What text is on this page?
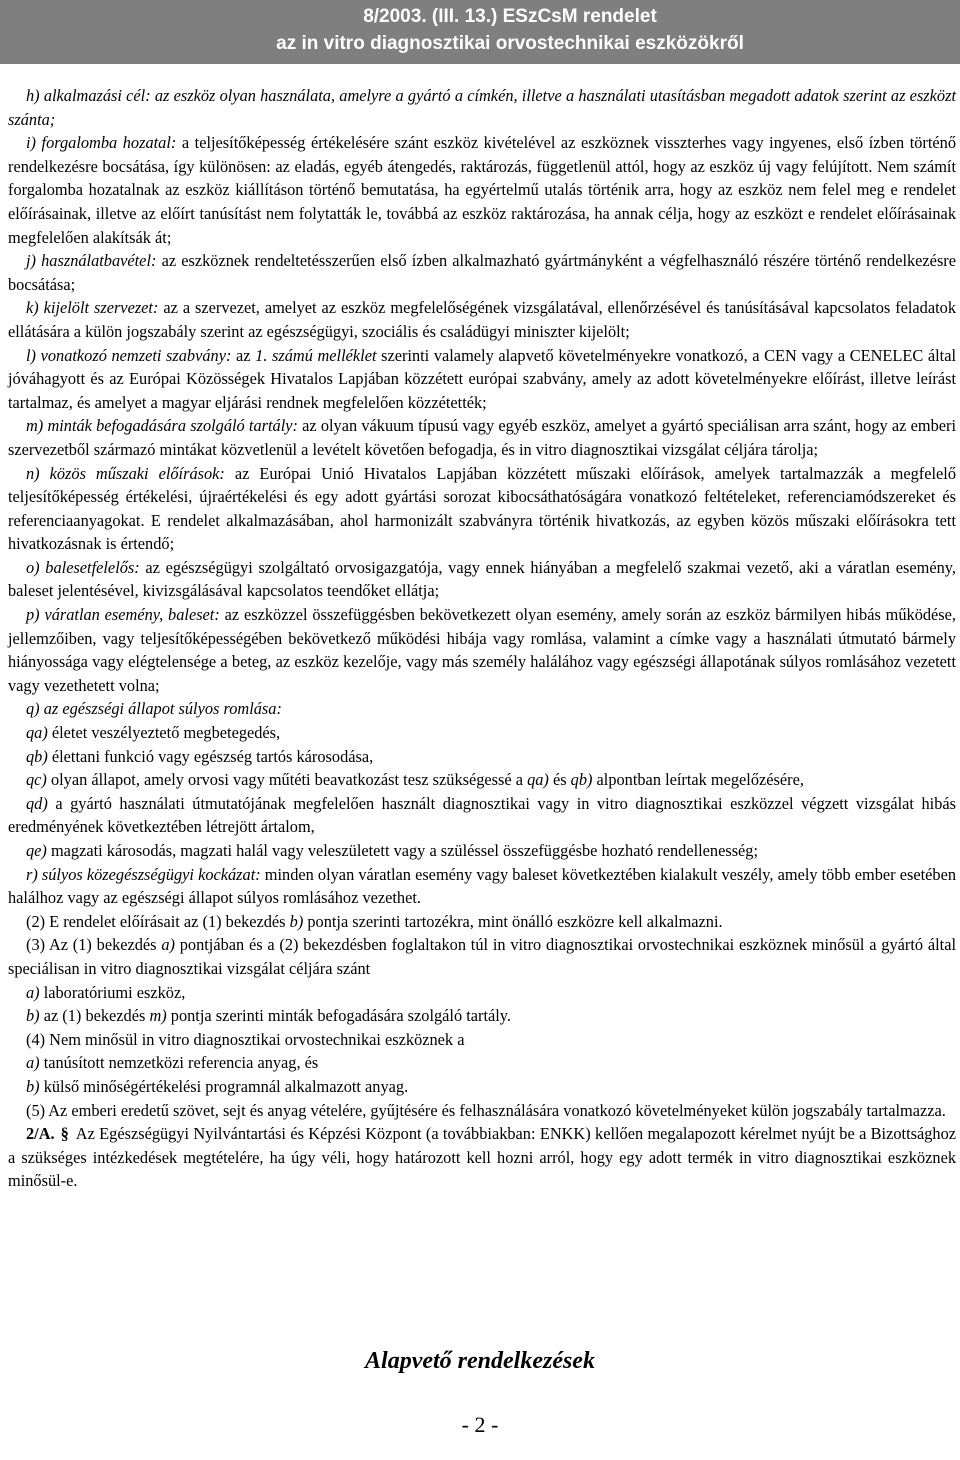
8/2003. (III. 13.) ESzCsM rendelet
az in vitro diagnosztikai orvostechnikai eszközökről
h) alkalmazási cél: az eszköz olyan használata, amelyre a gyártó a címkén, illetve a használati utasításban megadott adatok szerint az eszközt szánta;
i) forgalomba hozatal: a teljesítőképesség értékelésére szánt eszköz kivételével az eszköznek visszterhes vagy ingyenes, első ízben történő rendelkezésre bocsátása, így különösen: az eladás, egyéb átengedés, raktározás, függetlenül attól, hogy az eszköz új vagy felújított. Nem számít forgalomba hozatalnak az eszköz kiállításon történő bemutatása, ha egyértelmű utalás történik arra, hogy az eszköz nem felel meg e rendelet előírásainak, illetve az előírt tanúsítást nem folytatták le, továbbá az eszköz raktározása, ha annak célja, hogy az eszközt e rendelet előírásainak megfelelően alakítsák át;
j) használatbavétel: az eszköznek rendeltetésszerűen első ízben alkalmazható gyártmányként a végfelhasználó részére történő rendelkezésre bocsátása;
k) kijelölt szervezet: az a szervezet, amelyet az eszköz megfelelőségének vizsgálatával, ellenőrzésével és tanúsításával kapcsolatos feladatok ellátására a külön jogszabály szerint az egészségügyi, szociális és családügyi miniszter kijelölt;
l) vonatkozó nemzeti szabvány: az 1. számú melléklet szerinti valamely alapvető követelményekre vonatkozó, a CEN vagy a CENELEC által jóváhagyott és az Európai Közösségek Hivatalos Lapjában közzétett európai szabvány, amely az adott követelményekre előírást, illetve leírást tartalmaz, és amelyet a magyar eljárási rendnek megfelelően közzétették;
m) minták befogadására szolgáló tartály: az olyan vákuum típusú vagy egyéb eszköz, amelyet a gyártó speciálisan arra szánt, hogy az emberi szervezetből származó mintákat közvetlenül a levételt követően befogadja, és in vitro diagnosztikai vizsgálat céljára tárolja;
n) közös műszaki előírások: az Európai Unió Hivatalos Lapjában közzétett műszaki előírások, amelyek tartalmazzák a megfelelő teljesítőképesség értékelési, újraértékelési és egy adott gyártási sorozat kibocsáthatóságára vonatkozó feltételeket, referenciamódszereket és referenciaanyagokat. E rendelet alkalmazásában, ahol harmonizált szabványra történik hivatkozás, az egyben közös műszaki előírásokra tett hivatkozásnak is értendő;
o) balesetfelelős: az egészségügyi szolgáltató orvosigazgatója, vagy ennek hiányában a megfelelő szakmai vezető, aki a váratlan esemény, baleset jelentésével, kivizsgálásával kapcsolatos teendőket ellátja;
p) váratlan esemény, baleset: az eszközzel összefüggésben bekövetkezett olyan esemény, amely során az eszköz bármilyen hibás működése, jellemzőiben, vagy teljesítőképességében bekövetkező működési hibája vagy romlása, valamint a címke vagy a használati útmutató bármely hiányossága vagy elégtelensége a beteg, az eszköz kezelője, vagy más személy halálához vagy egészségi állapotának súlyos romlásához vezetett vagy vezethetett volna;
q) az egészségi állapot súlyos romlása:
qa) életet veszélyeztető megbetegedés,
qb) élettani funkció vagy egészség tartós károsodása,
qc) olyan állapot, amely orvosi vagy műtéti beavatkozást tesz szükségessé a qa) és qb) alpontban leírtak megelőzésére,
qd) a gyártó használati útmutatójának megfelelően használt diagnosztikai vagy in vitro diagnosztikai eszközzel végzett vizsgálat hibás eredményének következtében létrejött ártalom,
qe) magzati károsodás, magzati halál vagy veleszületett vagy a szüléssel összefüggésbe hozható rendellenesség;
r) súlyos közegészségügyi kockázat: minden olyan váratlan esemény vagy baleset következtében kialakult veszély, amely több ember esetében halálhoz vagy az egészségi állapot súlyos romlásához vezethet.
(2) E rendelet előírásait az (1) bekezdés b) pontja szerinti tartozékra, mint önálló eszközre kell alkalmazni.
(3) Az (1) bekezdés a) pontjában és a (2) bekezdésben foglaltakon túl in vitro diagnosztikai orvostechnikai eszköznek minősül a gyártó által speciálisan in vitro diagnosztikai vizsgálat céljára szánt
a) laboratóriumi eszköz,
b) az (1) bekezdés m) pontja szerinti minták befogadására szolgáló tartály.
(4) Nem minősül in vitro diagnosztikai orvostechnikai eszköznek a
a) tanúsított nemzetközi referencia anyag, és
b) külső minőségértékelési programnál alkalmazott anyag.
(5) Az emberi eredetű szövet, sejt és anyag vételére, gyűjtésére és felhasználására vonatkozó követelményeket külön jogszabály tartalmazza.
2/A. § Az Egészségügyi Nyilvántartási és Képzési Központ (a továbbiakban: ENKK) kellően megalapozott kérelmet nyújt be a Bizottsághoz a szükséges intézkedések megtételére, ha úgy véli, hogy határozott kell hozni arról, hogy egy adott termék in vitro diagnosztikai eszköznek minősül-e.
Alapvető rendelkezések
- 2 -
